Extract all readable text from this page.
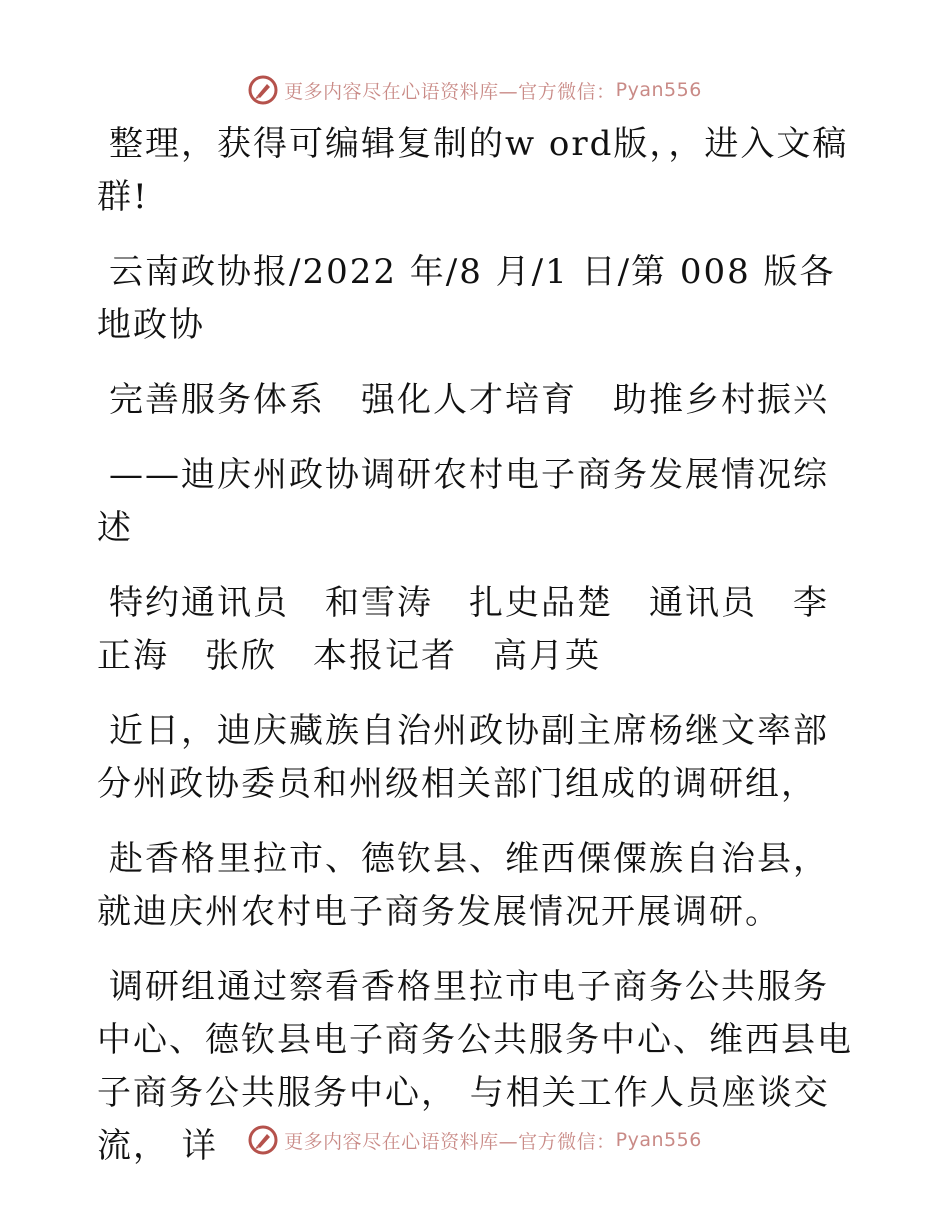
更多内容尽在心语资料库—官方微信： Pyan556

整理，获得可编辑复制的w ord版，，进入文稿群!

云南政协报/2022 年/8 月/1 日/第 008 版各地政协

完善服务体系　强化人才培育　助推乡村振兴

——迪庆州政协调研农村电子商务发展情况综述

特约通讯员　和雪涛　扎史品楚　通讯员　李正海　张欣　本报记者　高月英

近日，迪庆藏族自治州政协副主席杨继文率部分州政协委员和州级相关部门组成的调研组，

赴香格里拉市、德钦县、维西傈僳族自治县，就迪庆州农村电子商务发展情况开展调研。

调研组通过察看香格里拉市电子商务公共服务中心、德钦县电子商务公共服务中心、维西县电子商务公共服务中心， 与相关工作人员座谈交流， 详	更多内容尽在心语资料库—官方微信： Pyan556
